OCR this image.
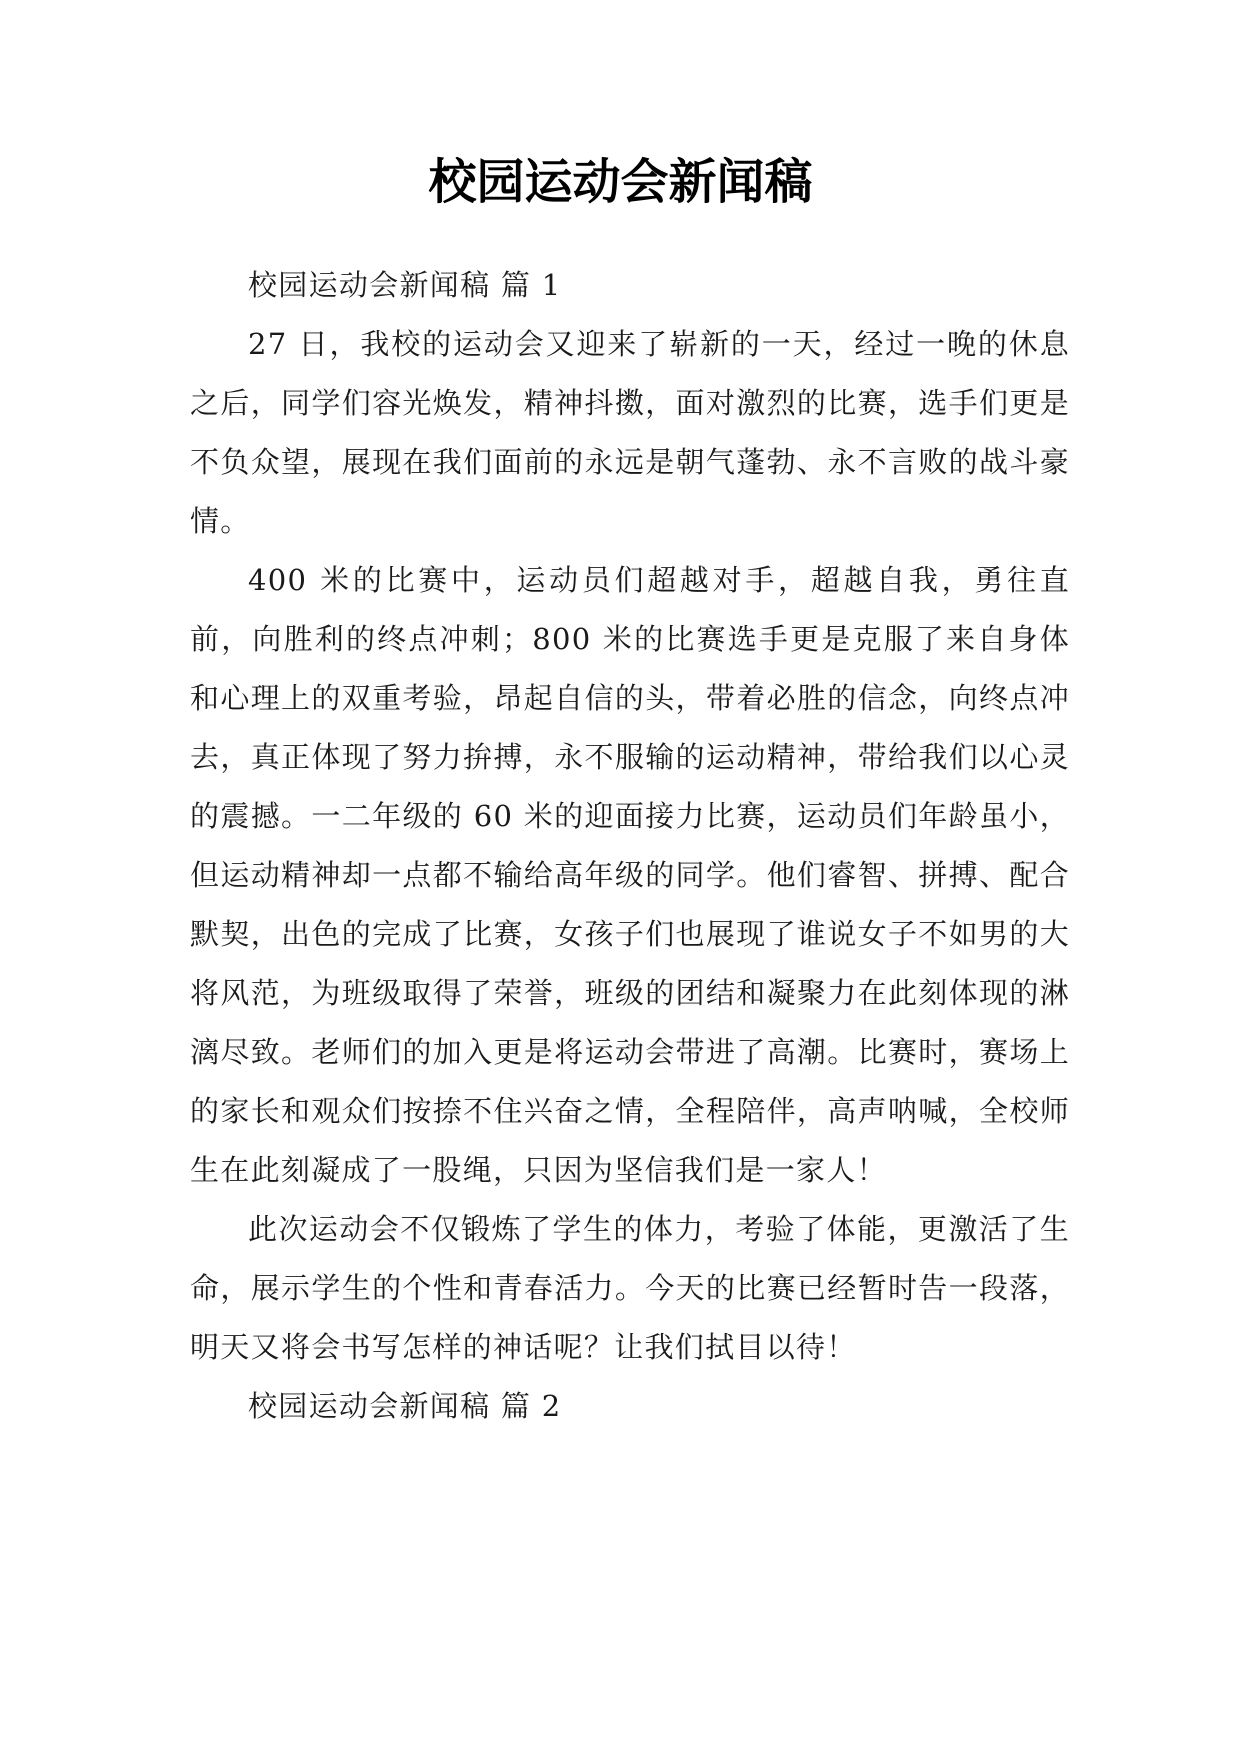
校园运动会新闻稿

校园运动会新闻稿 篇 1

27 日，我校的运动会又迎来了崭新的一天，经过一晚的休息之后，同学们容光焕发，精神抖擞，面对激烈的比赛，选手们更是不负众望，展现在我们面前的永远是朝气蓬勃、永不言败的战斗豪情。

400 米的比赛中，运动员们超越对手，超越自我，勇往直前，向胜利的终点冲刺；800 米的比赛选手更是克服了来自身体和心理上的双重考验，昂起自信的头，带着必胜的信念，向终点冲去，真正体现了努力拚搏，永不服输的运动精神，带给我们以心灵的震撼。一二年级的 60 米的迎面接力比赛，运动员们年龄虽小，但运动精神却一点都不输给高年级的同学。他们睿智、拼搏、配合默契，出色的完成了比赛，女孩子们也展现了谁说女子不如男的大将风范，为班级取得了荣誉，班级的团结和凝聚力在此刻体现的淋漓尽致。老师们的加入更是将运动会带进了高潮。比赛时，赛场上的家长和观众们按捺不住兴奋之情，全程陪伴，高声呐喊，全校师生在此刻凝成了一股绳，只因为坚信我们是一家人！

此次运动会不仅锻炼了学生的体力，考验了体能，更激活了生命，展示学生的个性和青春活力。今天的比赛已经暂时告一段落，明天又将会书写怎样的神话呢？让我们拭目以待！

校园运动会新闻稿 篇 2
